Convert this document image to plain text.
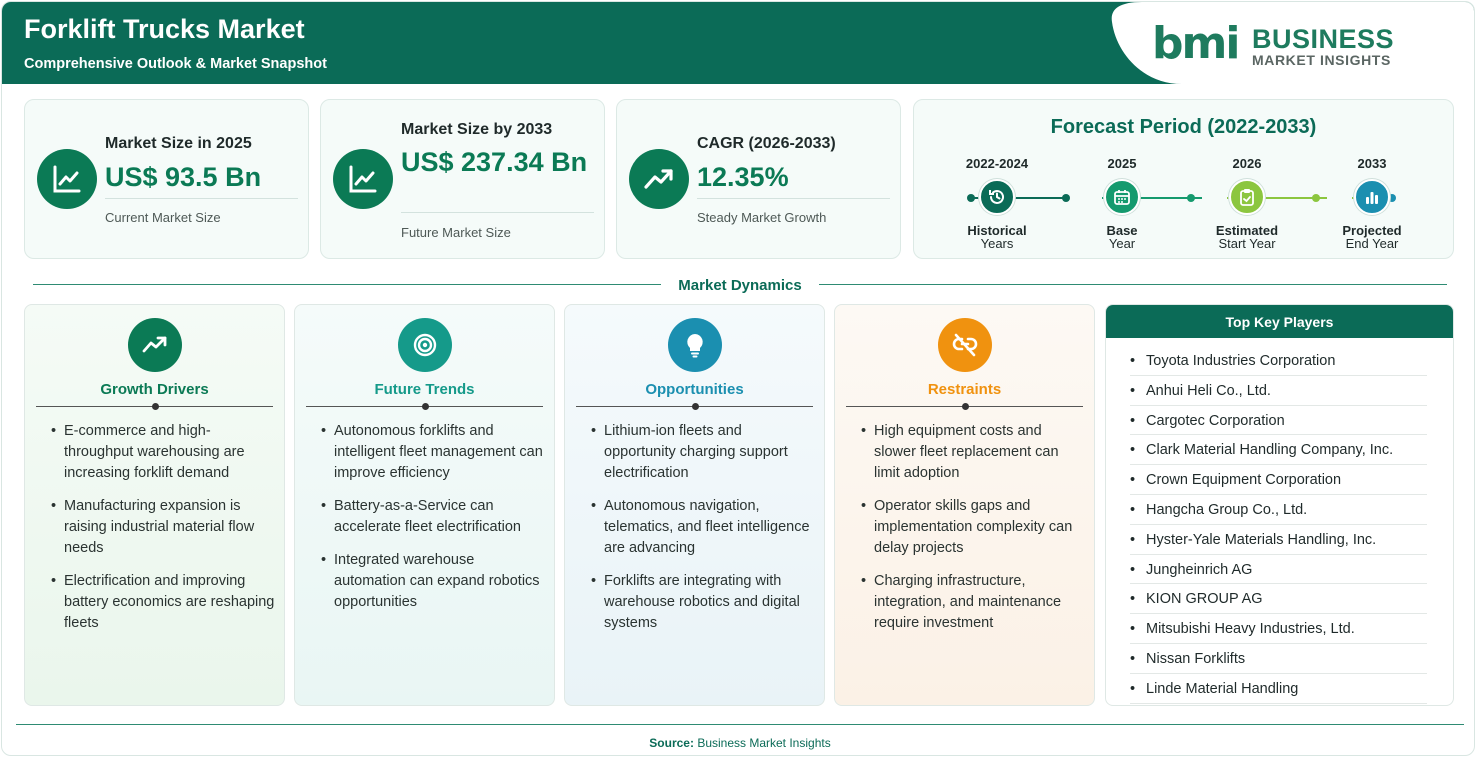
Forklift Trucks Market
Comprehensive Outlook & Market Snapshot	bmi BUSINESS
MARKET INSIGHTS
Market Size in 2025
US$ 93.5 Bn
Current Market Size
Market Size by 2033
US$ 237.34 Bn
Future Market Size
CAGR (2026-2033)
12.35%
Steady Market Growth
Forecast Period (2022-2033)
2022-2024
Historical
Years
2025
Base
Year
2026
Estimated
Start Year
2033
Projected
End Year
Market Dynamics
Growth Drivers
• E-commerce and high-throughput warehousing are increasing forklift demand
• Manufacturing expansion is raising industrial material flow needs
• Electrification and improving battery economics are reshaping fleets
Future Trends
• Autonomous forklifts and intelligent fleet management can improve efficiency
• Battery-as-a-Service can accelerate fleet electrification
• Integrated warehouse automation can expand robotics opportunities
Opportunities
• Lithium-ion fleets and opportunity charging support electrification
• Autonomous navigation, telematics, and fleet intelligence are advancing
• Forklifts are integrating with warehouse robotics and digital systems
Restraints
• High equipment costs and slower fleet replacement can limit adoption
• Operator skills gaps and implementation complexity can delay projects
• Charging infrastructure, integration, and maintenance require investment
Top Key Players
• Toyota Industries Corporation
• Anhui Heli Co., Ltd.
• Cargotec Corporation
• Clark Material Handling Company, Inc.
• Crown Equipment Corporation
• Hangcha Group Co., Ltd.
• Hyster-Yale Materials Handling, Inc.
• Jungheinrich AG
• KION GROUP AG
• Mitsubishi Heavy Industries, Ltd.
• Nissan Forklifts
• Linde Material Handling
Source: Business Market Insights
